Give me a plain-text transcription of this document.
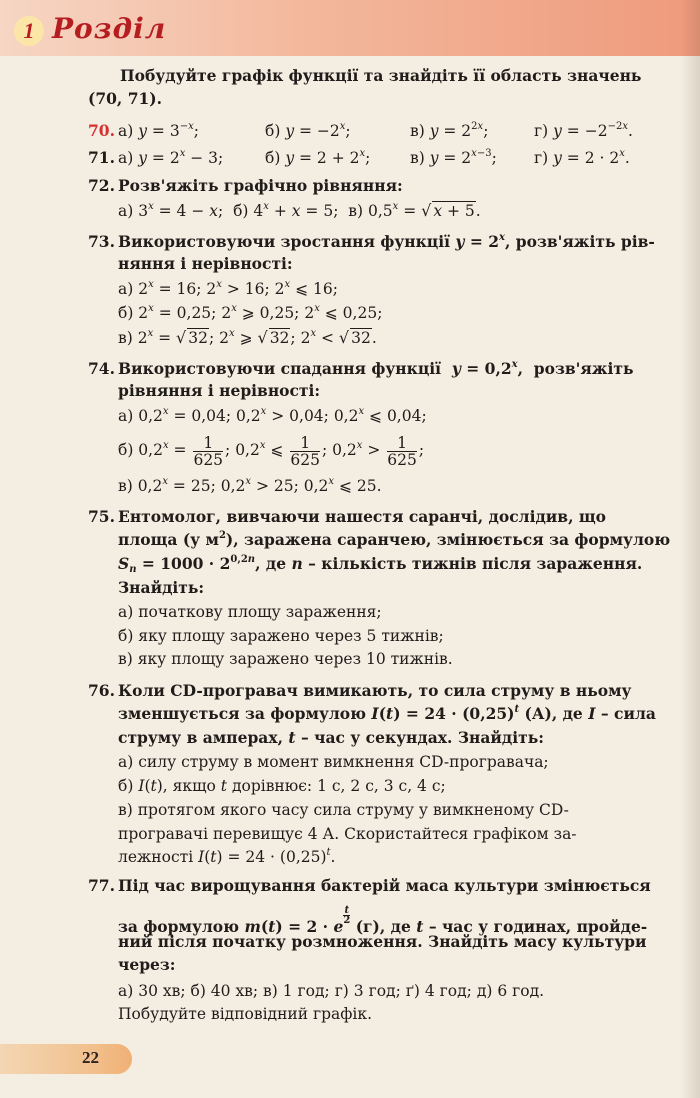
1 Розділ
Побудуйте графік функції та знайдіть її область значень
(70, 71).
70. а) $y = 3^{-x}$;	б) $y = -2^x$;	в) $y = 2^{2x}$;	г) $y = -2^{-2x}$.
71. а) $y = 2^x - 3$;	б) $y = 2 + 2^x$;	в) $y = 2^{x-3}$; г) $y = 2 \cdot 2^x$.
72. Розв'яжіть графічно рівняння:
а) $3^x = 4 - x$;  б) $4^x + x = 5$;  в) $0,5^x$ = √ x + 5.
73. Використовуючи зростання функції $y = 2^x$, розв'яжіть рів-
няння і нерівності:
а) $2^x = 16$; $2^x > 16$; 2$^x$ ⩽ 16;
б) $2^x = 0,25$; 2$^x$ ⩾ 0,25; 2$^x$ ⩽ 0,25;
в) $2^x$ = √ 32; 2$^x$ ⩾ √ 32; $2^x$ < √ 32.
74. Використовуючи спадання функції  $y = 0,2^x$,  розв'яжіть
рівняння і нерівності:
а) $0,2^x = 0,04$; $0,2^x > 0,04$; 0,2$^x$ ⩽ 0,04;
б) $0,2^x = \frac{1}{625}$ ; 0,2$^x$ ⩽ $\frac{1}{625}$ ; $0,2^x > \frac{1}{625}$ ;
в) $0,2^x = 25$; $0,2^x > 25$; 0,2$^x$ ⩽ 25.
75. Ентомолог, вивчаючи нашестя саранчі, дослідив, що
площа (у $м^2$), заражена саранчею, змінюється за формулою
$S_n = 1000 \cdot 2^{0,2n}$, де n – кількість тижнів після зараження.
Знайдіть:
а) початкову площу зараження;
б) яку площу заражено через 5 тижнів;
в) яку площу заражено через 10 тижнів.
76. Коли CD-програвач вимикають, то сила струму в ньому
зменшується за формулою $I(t) = 24 \cdot (0,25)^t$ (А), де I – сила
струму в амперах, t – час у секундах. Знайдіть:
а) силу струму в момент вимкнення CD-програвача;
б) I(t), якщо t дорівнює: 1 с, 2 с, 3 с, 4 с;
в) протягом якого часу сила струму у вимкненому CD-
програвачі перевищує 4 А. Скористайтеся графіком за-
лежності $I(t) = 24 \cdot (0,25)^t$.
77. Під час вирощування бактерій маса культури змінюється
за формулою m(t) = 2 · e
$^{\frac{t}{2}}$
(г), де t – час у годинах, пройде-
ний після початку розмноження. Знайдіть масу культури
через:
а) 30 хв; б) 40 хв; в) 1 год; г) 3 год; ґ) 4 год; д) 6 год.
Побудуйте відповідний графік.
22
